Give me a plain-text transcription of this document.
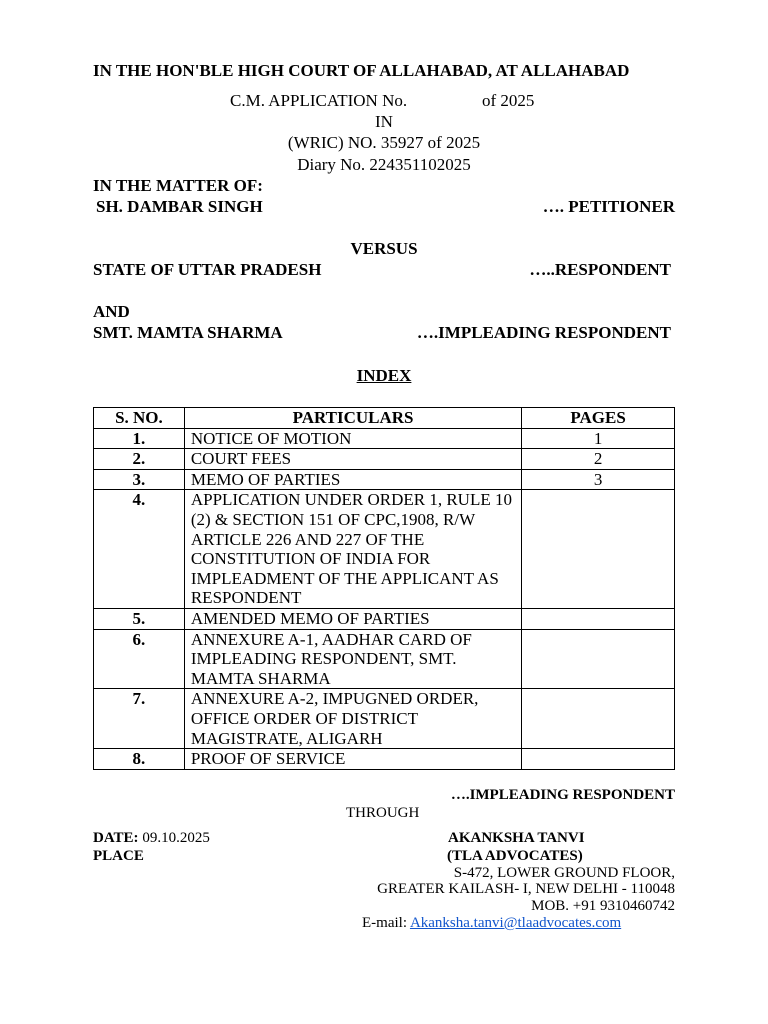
IN THE HON'BLE HIGH COURT OF ALLAHABAD, AT ALLAHABAD
C.M. APPLICATION No.	of 2025
IN
(WRIC) NO. 35927 of 2025
Diary No. 224351102025
IN THE MATTER OF:
SH. DAMBAR SINGH	…. PETITIONER
VERSUS
STATE OF UTTAR PRADESH	…..RESPONDENT
AND
SMT. MAMTA SHARMA	….IMPLEADING RESPONDENT
INDEX
S. NO.	PARTICULARS	PAGES
1.	NOTICE OF MOTION	1
2.	COURT FEES	2
3.	MEMO OF PARTIES	3
4.	APPLICATION UNDER ORDER 1, RULE 10 (2) & SECTION 151 OF CPC,1908, R/W ARTICLE 226 AND 227 OF THE CONSTITUTION OF INDIA FOR IMPLEADMENT OF THE APPLICANT AS RESPONDENT	
5.	AMENDED MEMO OF PARTIES	
6.	ANNEXURE A-1, AADHAR CARD OF IMPLEADING RESPONDENT, SMT. MAMTA SHARMA	
7.	ANNEXURE A-2, IMPUGNED ORDER, OFFICE ORDER OF DISTRICT MAGISTRATE, ALIGARH	
8.	PROOF OF SERVICE	
….IMPLEADING RESPONDENT
THROUGH
DATE: 09.10.2025
PLACE
AKANKSHA TANVI
(TLA ADVOCATES)
S-472, LOWER GROUND FLOOR,
GREATER KAILASH- I, NEW DELHI - 110048
MOB. +91 9310460742
E-mail: Akanksha.tanvi@tlaadvocates.com
